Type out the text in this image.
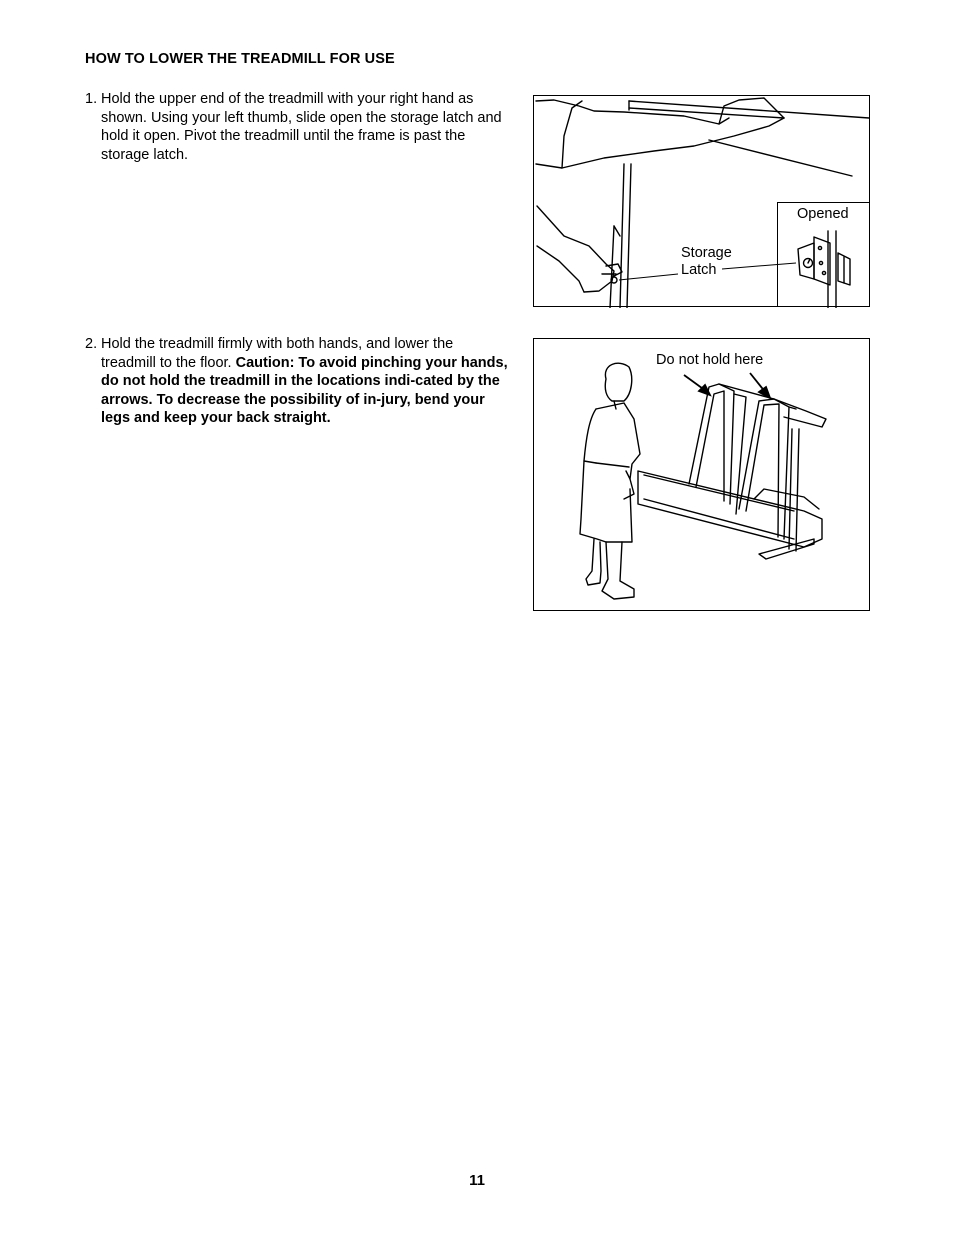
HOW TO LOWER THE TREADMILL FOR USE
1. Hold the upper end of the treadmill with your right hand as shown. Using your left thumb, slide open the storage latch and hold it open. Pivot the treadmill until the frame is past the storage latch.
2. Hold the treadmill firmly with both hands, and lower the treadmill to the floor. Caution: To avoid pinching your hands, do not hold the treadmill in the locations indi-cated by the arrows. To decrease the possibility of in-jury, bend your legs and keep your back straight.
Opened
Storage
Latch
Do not hold here
11
